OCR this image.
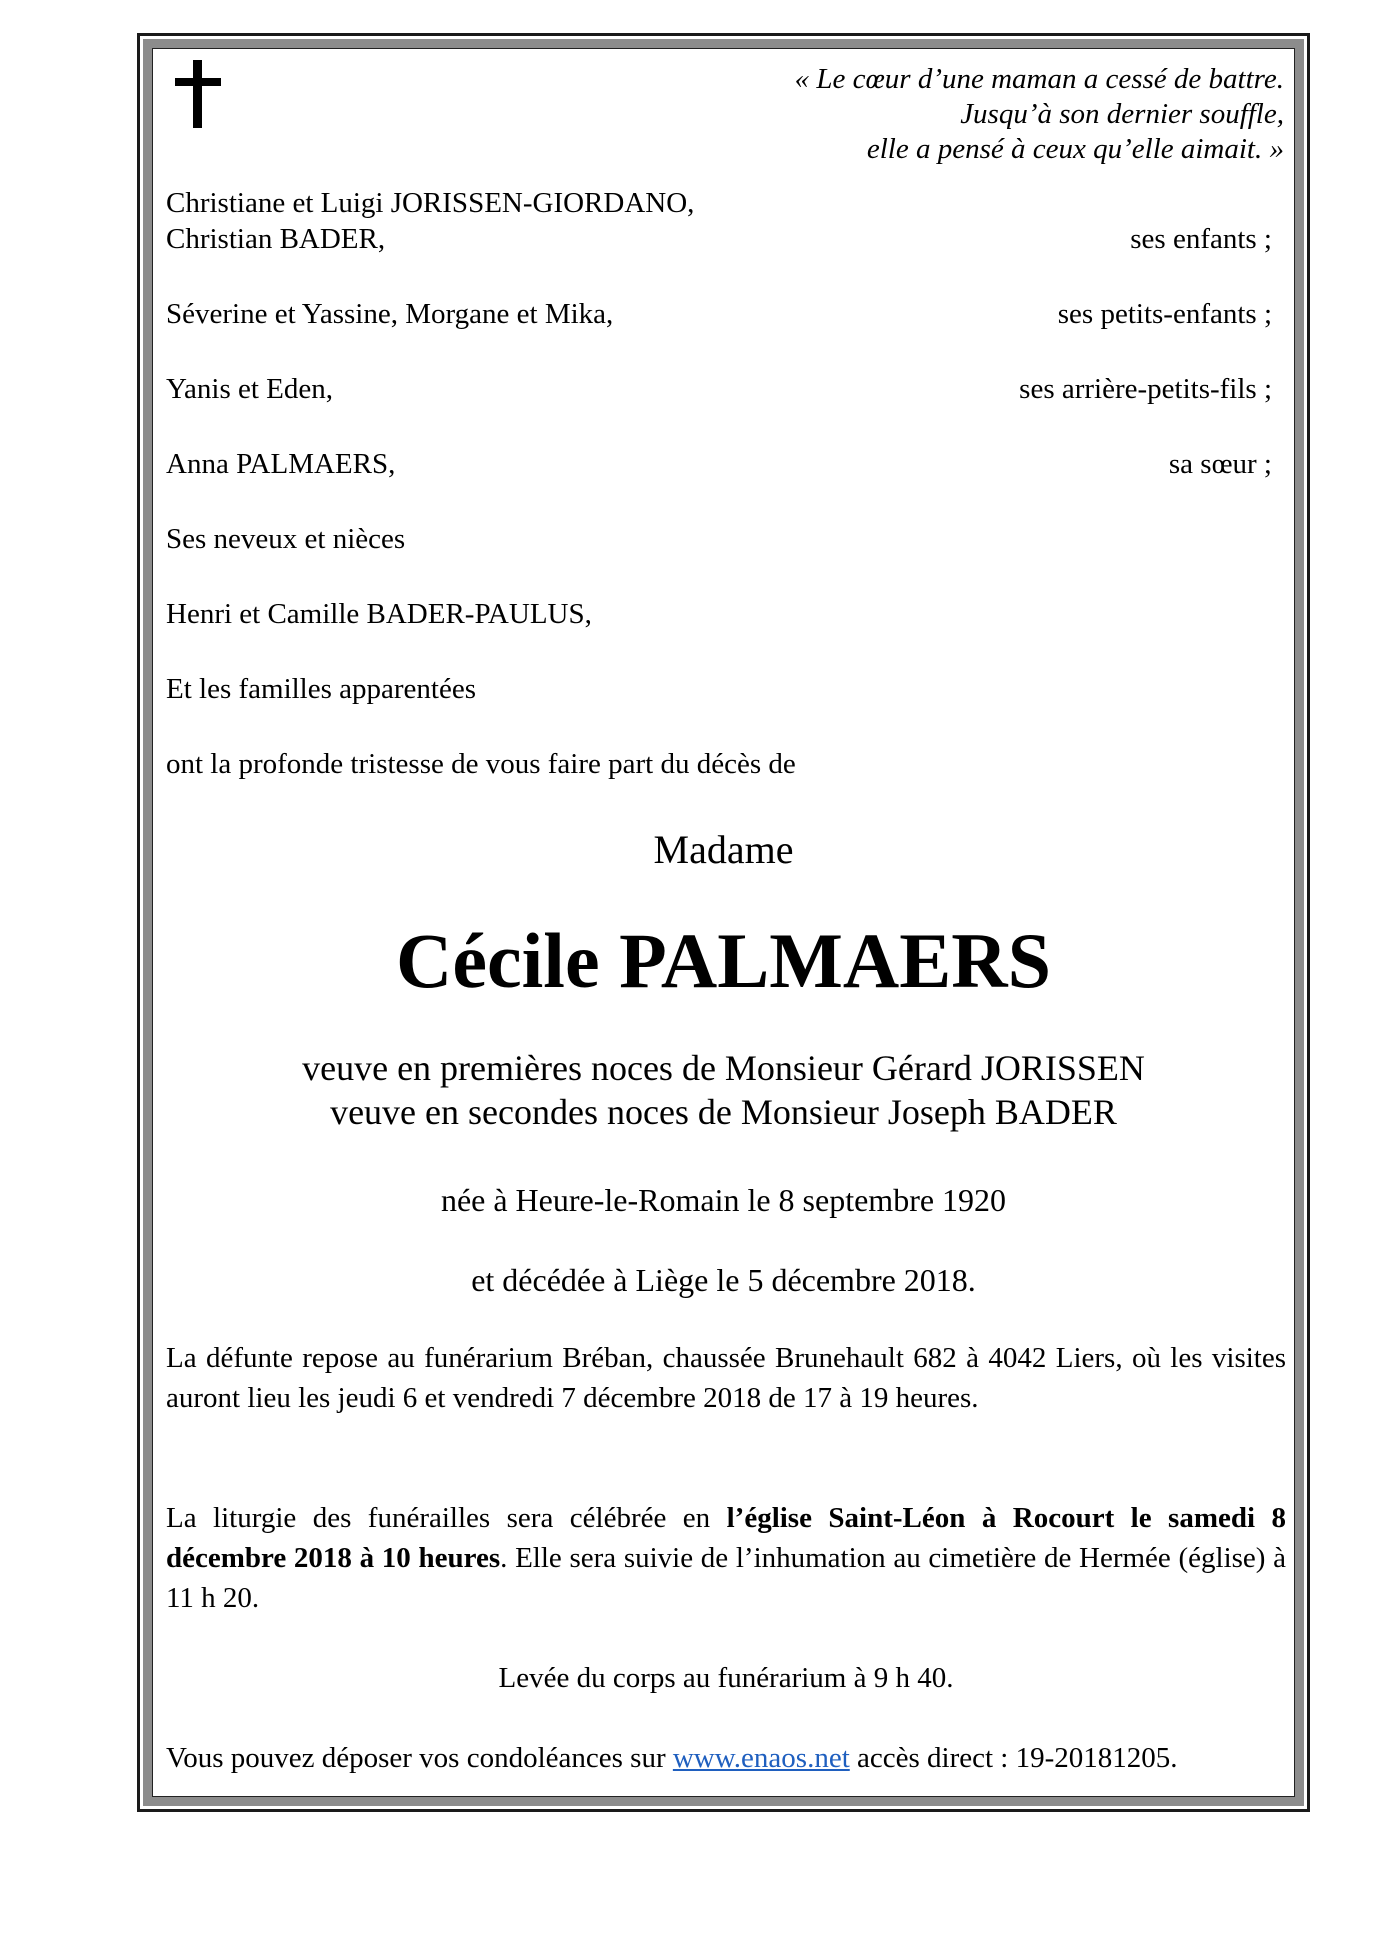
« Le cœur d’une maman a cessé de battre.
Jusqu’à son dernier souffle,
elle a pensé à ceux qu’elle aimait. »
Christiane et Luigi JORISSEN-GIORDANO,
Christian BADER,	ses enfants ;
Séverine et Yassine, Morgane et Mika,	ses petits-enfants ;
Yanis et Eden,	ses arrière-petits-fils ;
Anna PALMAERS,	sa sœur ;
Ses neveux et nièces
Henri et Camille BADER-PAULUS,
Et les familles apparentées
ont la profonde tristesse de vous faire part du décès de
Madame
Cécile PALMAERS
veuve en premières noces de Monsieur Gérard JORISSEN
veuve en secondes noces de Monsieur Joseph BADER
née à Heure-le-Romain le 8 septembre 1920
et décédée à Liège le 5 décembre 2018.
La défunte repose au funérarium Bréban, chaussée Brunehault 682 à 4042 Liers, où les visites auront lieu les jeudi 6 et vendredi 7 décembre 2018 de 17 à 19 heures.
La liturgie des funérailles sera célébrée en l’église Saint-Léon à Rocourt le samedi 8 décembre 2018 à 10 heures. Elle sera suivie de l’inhumation au cimetière de Hermée (église) à 11 h 20.
Levée du corps au funérarium à 9 h 40.
Vous pouvez déposer vos condoléances sur www.enaos.net accès direct : 19-20181205.
